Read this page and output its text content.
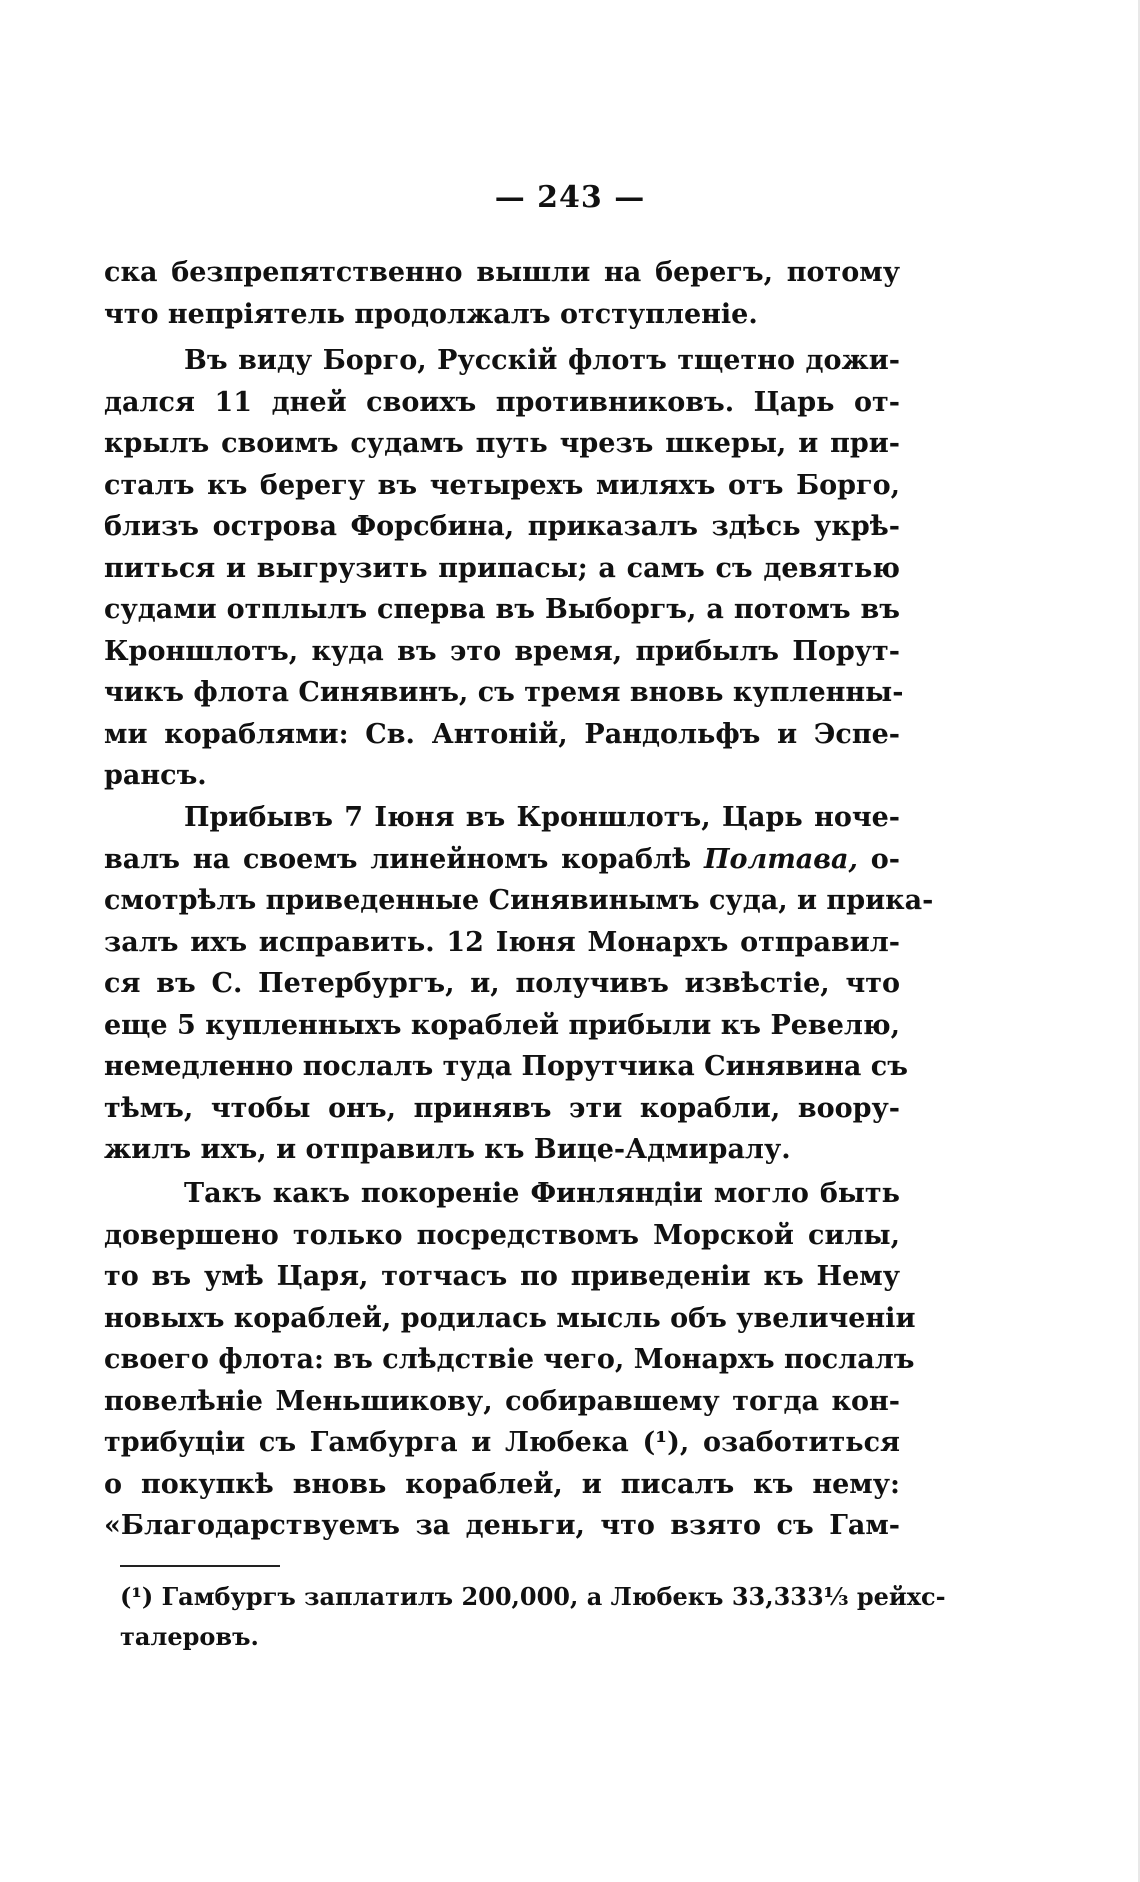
— 243 —
ска безпрепятственно вышли на берегъ, потому
что непріятель продолжалъ отступленіе.
Въ виду Борго, Русскій флотъ тщетно дожи-
дался 11 дней своихъ противниковъ. Царь от-
крылъ своимъ судамъ путь чрезъ шкеры, и при-
сталъ къ берегу въ четырехъ миляхъ отъ Борго,
близъ острова Форсбина, приказалъ здѣсь укрѣ-
питься и выгрузить припасы; а самъ съ девятью
судами отплылъ сперва въ Выборгъ, а потомъ въ
Кроншлотъ, куда въ это время, прибылъ Порут-
чикъ флота Синявинъ, съ тремя вновь купленны-
ми кораблями: Св. Антоній, Рандольфъ и Эспе-
рансъ.
Прибывъ 7 Іюня въ Кроншлотъ, Царь ноче-
валъ на своемъ линейномъ кораблѣ Полтава, о-
смотрѣлъ приведенные Синявинымъ суда, и прика-
залъ ихъ исправить. 12 Іюня Монархъ отправил-
ся въ С. Петербургъ, и, получивъ извѣстіе, что
еще 5 купленныхъ кораблей прибыли къ Ревелю,
немедленно послалъ туда Порутчика Синявина съ
тѣмъ, чтобы онъ, принявъ эти корабли, воору-
жилъ ихъ, и отправилъ къ Вице-Адмиралу.
Такъ какъ покореніе Финляндіи могло быть
довершено только посредствомъ Морской силы,
то въ умѣ Царя, тотчасъ по приведеніи къ Нему
новыхъ кораблей, родилась мысль объ увеличеніи
своего флота: въ слѣдствіе чего, Монархъ послалъ
повелѣніе Меньшикову, собиравшему тогда кон-
трибуціи съ Гамбурга и Любека (¹), озаботиться
о покупкѣ вновь кораблей, и писалъ къ нему:
«Благодарствуемъ за деньги, что взято съ Гам-
(¹) Гамбургъ заплатилъ 200,000, а Любекъ 33,333⅓ рейхс-
талеровъ.
